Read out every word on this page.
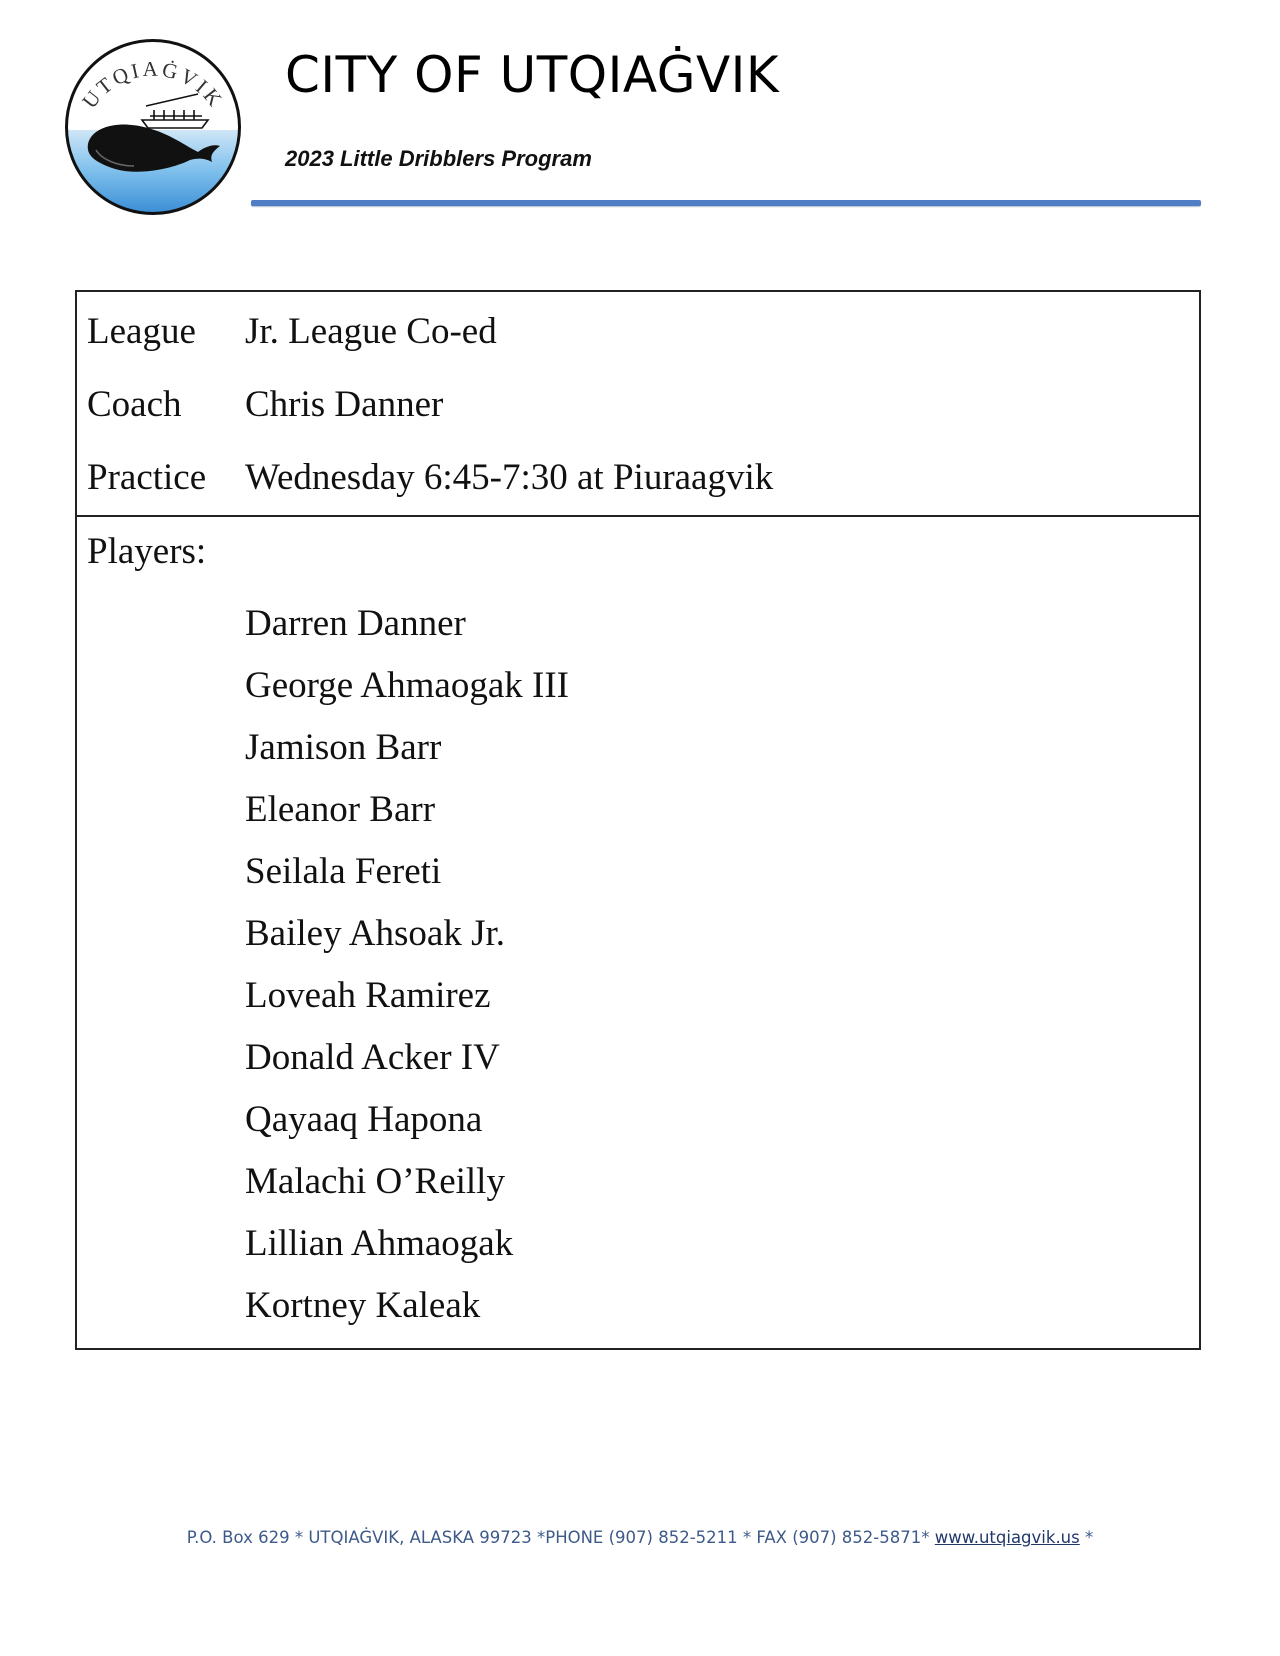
UTQIAĠVIK CITY OF UTQIAĠVIK
2023 Little Dribblers Program
League Jr. League Co-ed
Coach Chris Danner
Practice Wednesday 6:45-7:30 at Piuraagvik
Players:
Darren Danner
George Ahmaogak III
Jamison Barr
Eleanor Barr
Seilala Fereti
Bailey Ahsoak Jr.
Loveah Ramirez
Donald Acker IV
Qayaaq Hapona
Malachi O’Reilly
Lillian Ahmaogak
Kortney Kaleak
P.O. Box 629 * UTQIAĠVIK, ALASKA 99723 *PHONE (907) 852-5211 * FAX (907) 852-5871* www.utqiagvik.us *
